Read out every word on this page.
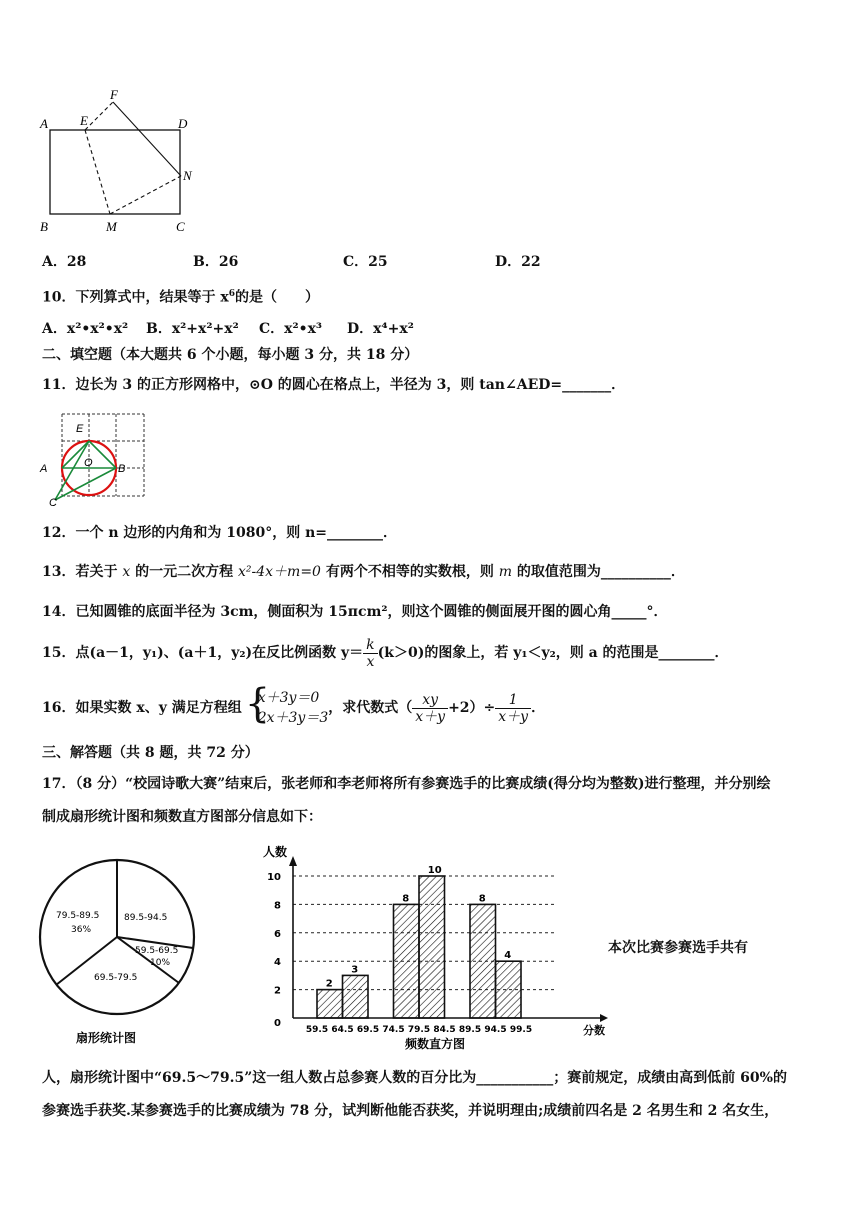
A E
F
D
N
B	M	C
A．28	B．26	C．25	D．22
10．下列算式中，结果等于 $x^6$的是（　　）
A．x²•x²•x² B．x²+x²+x² C．x²•x³ D．x⁴+x²
二、填空题（本大题共 6 个小题，每小题 3 分，共 18 分）
11．边长为 3 的正方形网格中，⊙O 的圆心在格点上，半径为 3，则 tan∠AED=_______．
E
O
A	B
C
12．一个 n 边形的内角和为 1080°，则 n=________．
13．若关于 x 的一元二次方程 x²-4x＋m=0 有两个不相等的实数根，则 m 的取值范围为__________．
14．已知圆锥的底面半径为 3cm，侧面积为 15πcm²，则这个圆锥的侧面展开图的圆心角_____°．
15．点(a－1，y₁)、(a＋1，y₂)在反比例函数 $y= \frac{k}{x} (k>0)$的图象上，若 y₁＜y₂，则 a 的范围是________．
16．如果实数 x、y 满足方程组
{ x＋3y＝0
2x＋3y＝3
，求代数式（ $\frac{xy}{x+y} +2)\div \frac{1}{x+y}$ ．
三、解答题（共 8 题，共 72 分）
17．（8 分）“校园诗歌大赛”结束后，张老师和李老师将所有参赛选手的比赛成绩(得分均为整数)进行整理，并分别绘
制成扇形统计图和频数直方图部分信息如下：
79.5-89.5
36%
89.5-94.5
59.5-69.5
10%
69.5-79.5
扇形统计图
2
3
8
10
8
4
0
2
4
6
8
10
59.5 64.5 69.5 74.5 79.5 84.5 89.5 94.5 99.5
人数
分数
频数直方图
本次比赛参赛选手共有
人，扇形统计图中“69.5～79.5”这一组人数占总参赛人数的百分比为___________；赛前规定，成绩由高到低前 60%的
参赛选手获奖.某参赛选手的比赛成绩为 78 分，试判断他能否获奖，并说明理由;成绩前四名是 2 名男生和 2 名女生，
